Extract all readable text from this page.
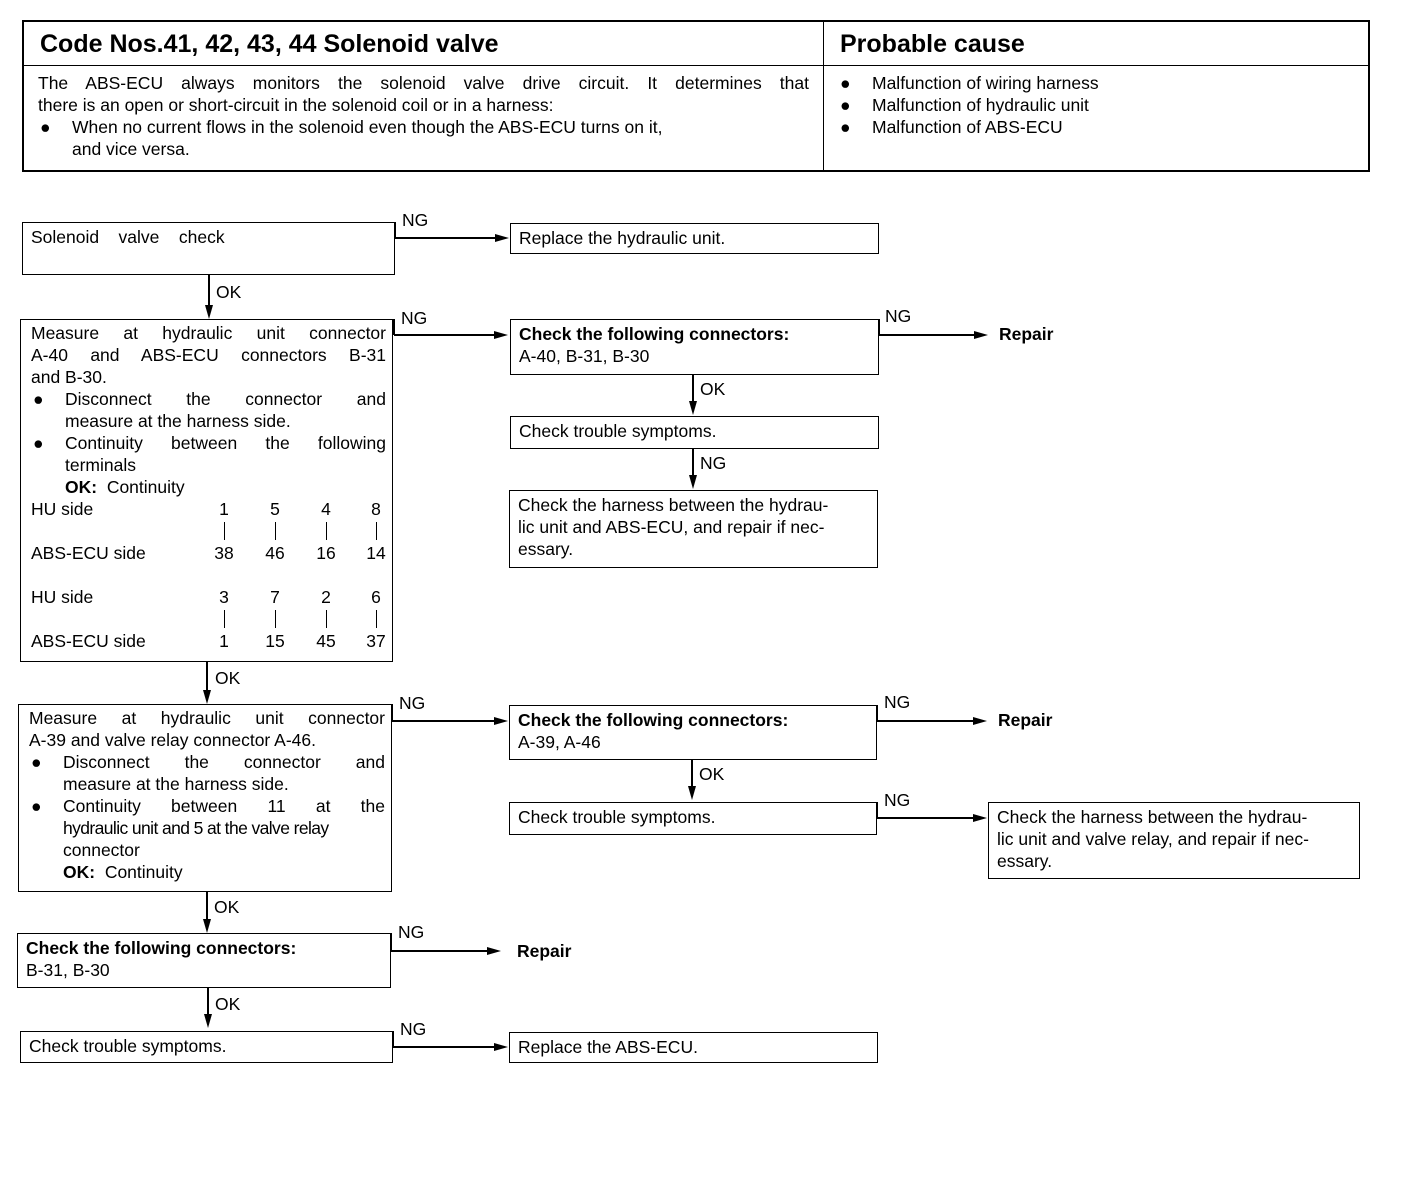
Code Nos.41, 42, 43, 44 Solenoid valve
The ABS-ECU always monitors the solenoid valve drive circuit. It determines that
there is an open or short-circuit in the solenoid coil or in a harness:
●	When no current flows in the solenoid even though the ABS-ECU turns on it,
and vice versa.
Probable cause
●	Malfunction of wiring harness
●	Malfunction of hydraulic unit
●	Malfunction of ABS-ECU
Solenoid    valve    check
NG
Replace the hydraulic unit.
OK
Measure at hydraulic unit connector
A-40 and ABS-ECU connectors B-31
and B-30.
●	Disconnect the connector and
measure at the harness side.
●	Continuity between the following
terminals
OK: Continuity
HU side	1	5	4	8
ABS-ECU side	38	46	16	14
HU side	3	7	2	6
ABS-ECU side	1	15	45	37
NG
Check the following connectors:
A-40, B-31, B-30
NG
Repair
OK
Check trouble symptoms.
NG
Check the harness between the hydrau-
lic unit and ABS-ECU, and repair if nec-
essary.
OK
Measure at hydraulic unit connector
A-39 and valve relay connector A-46.
●	Disconnect the connector and
measure at the harness side.
●	Continuity between 11 at the
hydraulic unit and 5 at the valve relay
connector
OK: Continuity
NG
Check the following connectors:
A-39, A-46
NG
Repair
OK
Check trouble symptoms.
NG
Check the harness between the hydrau-
lic unit and valve relay, and repair if nec-
essary.
OK
Check the following connectors:
B-31, B-30
NG
Repair
OK
Check trouble symptoms.
NG
Replace the ABS-ECU.
